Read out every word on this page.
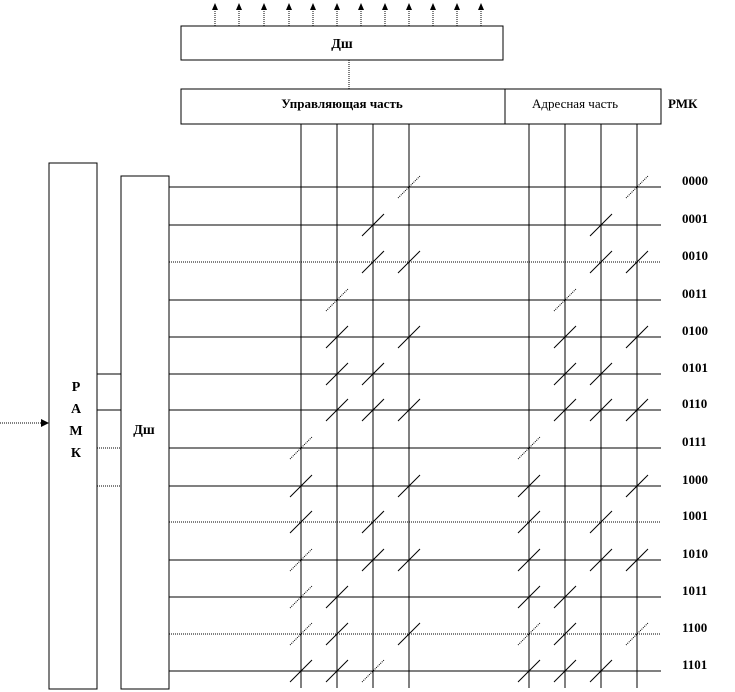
Дш
Управляющая часть	Адресная часть	РМК
Р
А
М
К
Дш
0000
0001
0010
0011
0100
0101
0110
0111
1000
1001
1010
1011
1100
1101
